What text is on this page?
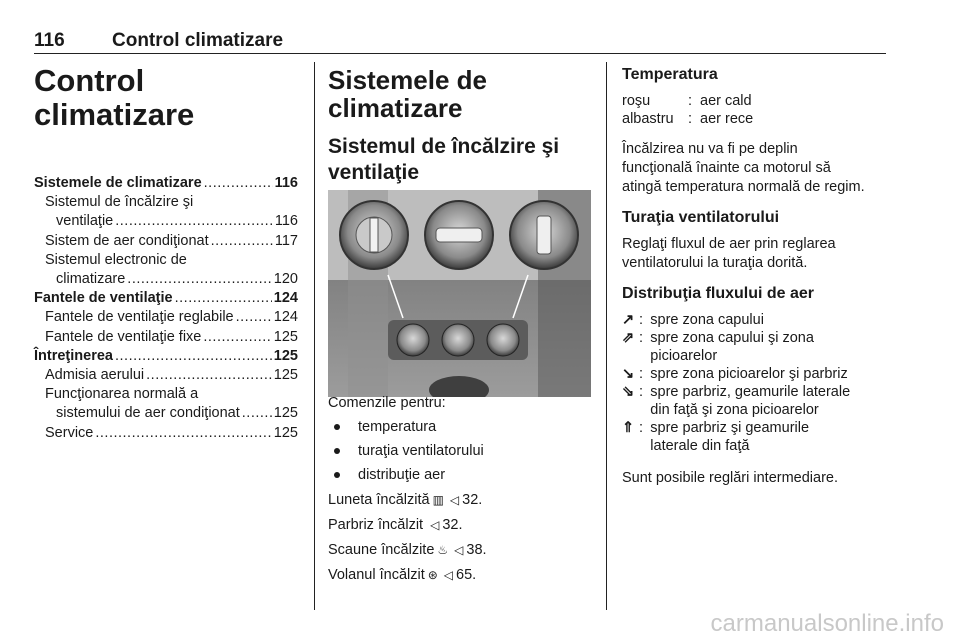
116 Control climatizare
Control climatizare
Sistemele de climatizare .....	116
Sistemul de încălzire şi
ventilaţie .....	116
Sistem de aer condiţionat .....	117
Sistemul electronic de
climatizare .....	120
Fantele de ventilaţie .....	124
Fantele de ventilaţie reglabile .....	124
Fantele de ventilaţie fixe .....	125
Întreţinerea .....	125
Admisia aerului .....	125
Funcţionarea normală a
sistemului de aer condiţionat ..... 125
Service .....	125
Sistemele de
climatizare
Sistemul de încălzire şi
ventilaţie
Comenzile pentru:
temperatura
turaţia ventilatorului
distribuţie aer
Luneta încălzită ▥ ◁ 32.
Parbriz încălzit ◁ 32.
Scaune încălzite ♨ ◁ 38.
Volanul încălzit ⊛ ◁ 65.
Temperatura
roşu	: aer cald
albastru : aer rece
Încălzirea nu va fi pe deplin
funcţională înainte ca motorul să
atingă temperatura normală de regim.
Turaţia ventilatorului
Reglaţi fluxul de aer prin reglarea
ventilatorului la turaţia dorită.
Distribuţia fluxului de aer
↗ : spre zona capului
⇗ : spre zona capului şi zona
picioarelor
↘ : spre zona picioarelor şi parbriz
⇘ : spre parbriz, geamurile laterale
din faţă şi zona picioarelor
⇑ : spre parbriz şi geamurile
laterale din faţă
Sunt posibile reglări intermediare.
carmanualsonline.info
